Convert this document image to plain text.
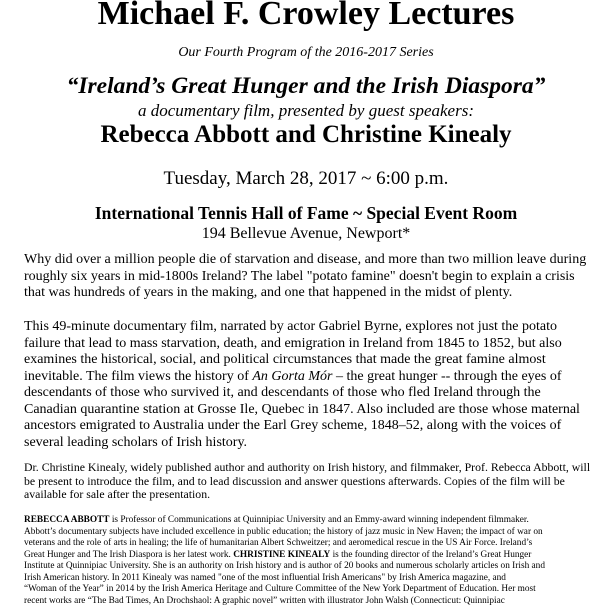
Michael F. Crowley Lectures
Our Fourth Program of the 2016-2017 Series
“Ireland’s Great Hunger and the Irish Diaspora”
a documentary film, presented by guest speakers:
Rebecca Abbott and Christine Kinealy
Tuesday, March 28, 2017 ~ 6:00 p.m.
International Tennis Hall of Fame ~ Special Event Room
194 Bellevue Avenue, Newport*

Why did over a million people die of starvation and disease, and more than two million leave during roughly six years in mid-1800s Ireland? The label "potato famine" doesn't begin to explain a crisis that was hundreds of years in the making, and one that happened in the midst of plenty.

This 49-minute documentary film, narrated by actor Gabriel Byrne, explores not just the potato failure that lead to mass starvation, death, and emigration in Ireland from 1845 to 1852, but also examines the historical, social, and political circumstances that made the great famine almost inevitable. The film views the history of An Gorta Mór – the great hunger -- through the eyes of descendants of those who survived it, and descendants of those who fled Ireland through the Canadian quarantine station at Grosse Ile, Quebec in 1847. Also included are those whose maternal ancestors emigrated to Australia under the Earl Grey scheme, 1848–52, along with the voices of several leading scholars of Irish history.

Dr. Christine Kinealy, widely published author and authority on Irish history, and filmmaker, Prof. Rebecca Abbott, will be present to introduce the film, and to lead discussion and answer questions afterwards. Copies of the film will be available for sale after the presentation.

REBECCA ABBOTT is Professor of Communications at Quinnipiac University and an Emmy-award winning independent filmmaker.
Abbott’s documentary subjects have included excellence in public education; the history of jazz music in New Haven; the impact of war on
veterans and the role of arts in healing; the life of humanitarian Albert Schweitzer; and aeromedical rescue in the US Air Force. Ireland’s
Great Hunger and The Irish Diaspora is her latest work. CHRISTINE KINEALY is the founding director of the Ireland’s Great Hunger
Institute at Quinnipiac University. She is an authority on Irish history and is author of 20 books and numerous scholarly articles on Irish and
Irish American history. In 2011 Kinealy was named "one of the most influential Irish Americans" by Irish America magazine, and
“Woman of the Year” in 2014 by the Irish America Heritage and Culture Committee of the New York Department of Education. Her most
recent works are “The Bad Times, An Drochshaol: A graphic novel” written with illustrator John Walsh (Connecticut: Quinnipiac
